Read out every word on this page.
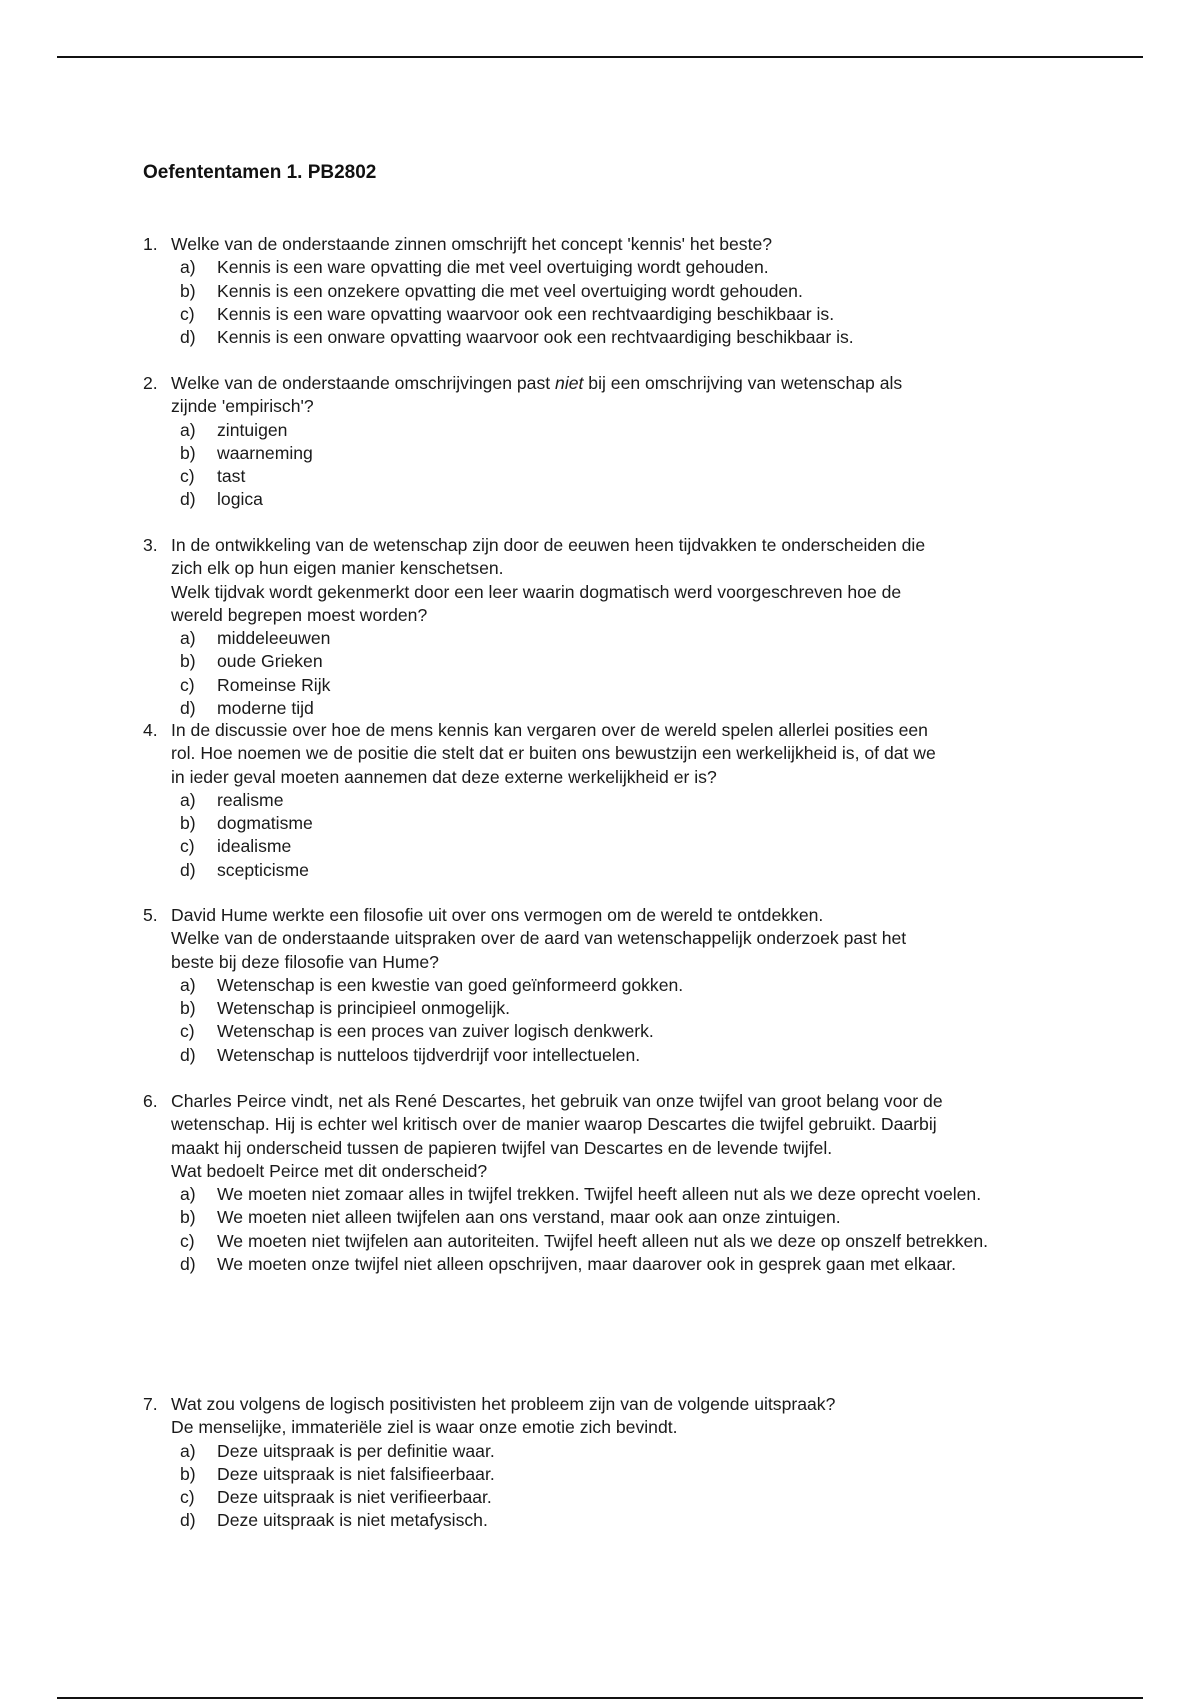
Oefententamen 1. PB2802
1. Welke van de onderstaande zinnen omschrijft het concept 'kennis' het beste?
a)	Kennis is een ware opvatting die met veel overtuiging wordt gehouden.
b)	Kennis is een onzekere opvatting die met veel overtuiging wordt gehouden.
c)	Kennis is een ware opvatting waarvoor ook een rechtvaardiging beschikbaar is.
d)	Kennis is een onware opvatting waarvoor ook een rechtvaardiging beschikbaar is.
2. Welke van de onderstaande omschrijvingen past niet bij een omschrijving van wetenschap als
zijnde 'empirisch'?
a)	zintuigen
b)	waarneming
c)	tast
d)	logica
3. In de ontwikkeling van de wetenschap zijn door de eeuwen heen tijdvakken te onderscheiden die
zich elk op hun eigen manier kenschetsen.
Welk tijdvak wordt gekenmerkt door een leer waarin dogmatisch werd voorgeschreven hoe de
wereld begrepen moest worden?
a)	middeleeuwen
b)	oude Grieken
c)	Romeinse Rijk
d)	moderne tijd
4. In de discussie over hoe de mens kennis kan vergaren over de wereld spelen allerlei posities een
rol. Hoe noemen we de positie die stelt dat er buiten ons bewustzijn een werkelijkheid is, of dat we
in ieder geval moeten aannemen dat deze externe werkelijkheid er is?
a)	realisme
b)	dogmatisme
c)	idealisme
d)	scepticisme
5. David Hume werkte een filosofie uit over ons vermogen om de wereld te ontdekken.
Welke van de onderstaande uitspraken over de aard van wetenschappelijk onderzoek past het
beste bij deze filosofie van Hume?
a)	Wetenschap is een kwestie van goed geïnformeerd gokken.
b)	Wetenschap is principieel onmogelijk.
c)	Wetenschap is een proces van zuiver logisch denkwerk.
d)	Wetenschap is nutteloos tijdverdrijf voor intellectuelen.
6. Charles Peirce vindt, net als René Descartes, het gebruik van onze twijfel van groot belang voor de
wetenschap. Hij is echter wel kritisch over de manier waarop Descartes die twijfel gebruikt. Daarbij
maakt hij onderscheid tussen de papieren twijfel van Descartes en de levende twijfel.
Wat bedoelt Peirce met dit onderscheid?
a)	We moeten niet zomaar alles in twijfel trekken. Twijfel heeft alleen nut als we deze oprecht voelen.
b)	We moeten niet alleen twijfelen aan ons verstand, maar ook aan onze zintuigen.
c)	We moeten niet twijfelen aan autoriteiten. Twijfel heeft alleen nut als we deze op onszelf betrekken.
d)	We moeten onze twijfel niet alleen opschrijven, maar daarover ook in gesprek gaan met elkaar.
7. Wat zou volgens de logisch positivisten het probleem zijn van de volgende uitspraak?
De menselijke, immateriële ziel is waar onze emotie zich bevindt.
a)	Deze uitspraak is per definitie waar.
b)	Deze uitspraak is niet falsifieerbaar.
c)	Deze uitspraak is niet verifieerbaar.
d)	Deze uitspraak is niet metafysisch.
